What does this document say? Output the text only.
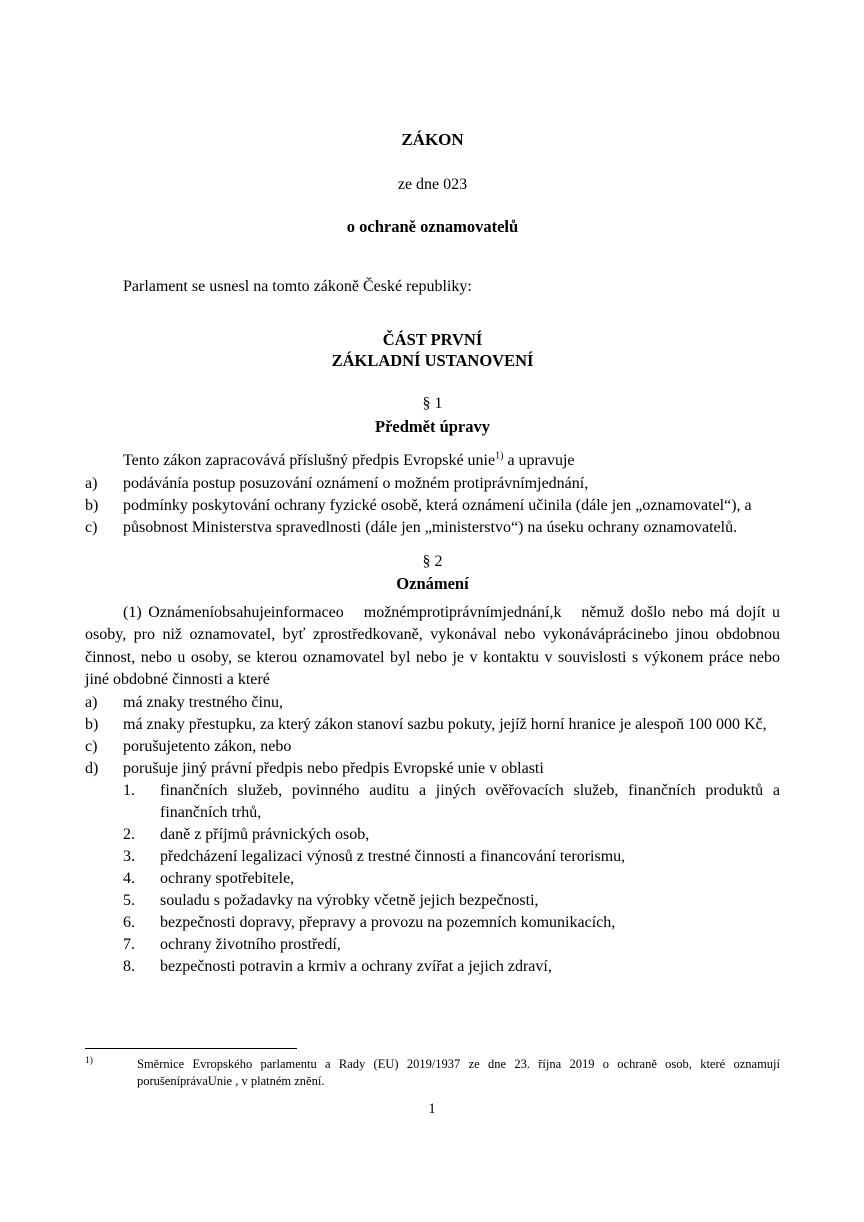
ZÁKON
ze dne 023
o ochraně oznamovatelů

Parlament se usnesl na tomto zákoně České republiky:

ČÁST PRVNÍ
ZÁKLADNÍ USTANOVENÍ
§ 1
Předmět úpravy

Tento zákon zapracovává příslušný předpis Evropské unie$^{1)}$ a upravuje

a)	podávánía postup posuzování oznámení o možném protiprávnímjednání,
b)	podmínky poskytování ochrany fyzické osobě, která oznámení učinila (dále jen „oznamovatel“), a
c)	působnost Ministerstva spravedlnosti (dále jen „ministerstvo“) na úseku ochrany oznamovatelů.
§ 2
Oznámení

(1) Oznámeníobsahujeinformaceo   možnémprotiprávnímjednání,k   němuž došlo nebo má dojít u osoby, pro niž oznamovatel, byť zprostředkovaně, vykonával nebo vykonáváprácinebo jinou obdobnou činnost, nebo u osoby, se kterou oznamovatel byl nebo je v kontaktu v souvislosti s výkonem práce nebo jiné obdobné činnosti a které

a)	má znaky trestného činu,
b)	má znaky přestupku, za který zákon stanoví sazbu pokuty, jejíž horní hranice je alespoň 100 000 Kč,
c)	porušujetento zákon, nebo
d)	porušuje jiný právní předpis nebo předpis Evropské unie v oblasti
1.	finančních služeb, povinného auditu a jiných ověřovacích služeb, finančních produktů a finančních trhů,
2.	daně z příjmů právnických osob,
3.	předcházení legalizaci výnosů z trestné činnosti a financování terorismu,
4.	ochrany spotřebitele,
5.	souladu s požadavky na výrobky včetně jejich bezpečnosti,
6.	bezpečnosti dopravy, přepravy a provozu na pozemních komunikacích,
7.	ochrany životního prostředí,
8.	bezpečnosti potravin a krmiv a ochrany zvířat a jejich zdraví,
1)	Směrnice Evropského parlamentu a Rady (EU) 2019/1937 ze dne 23. října 2019 o ochraně osob, které oznamují porušeníprávaUnie , v platném znění.
1
